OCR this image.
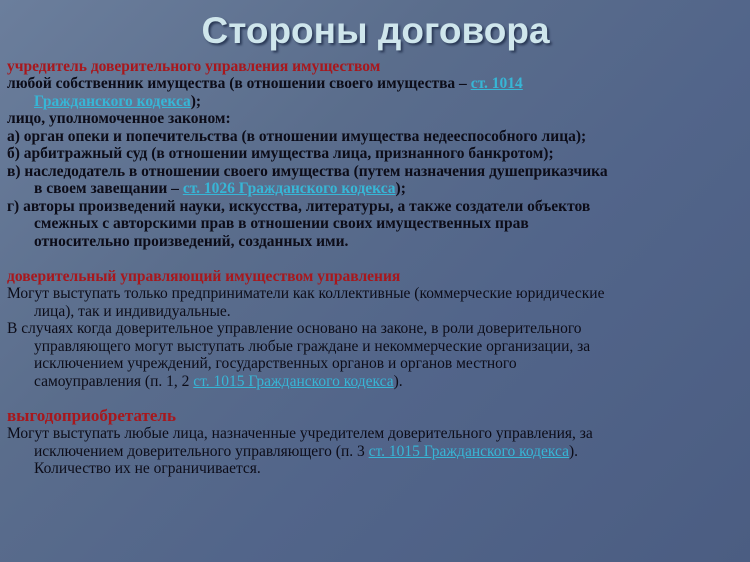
Стороны договора

учредитель доверительного управления имуществом

любой собственник имущества (в отношении своего имущества – ст. 1014

Гражданского кодекса);

лицо, уполномоченное законом:

а) орган опеки и попечительства (в отношении имущества недееспособного лица);

б) арбитражный суд (в отношении имущества лица, признанного банкротом);

в) наследодатель в отношении своего имущества (путем назначения душеприказчика

в своем завещании – ст. 1026 Гражданского кодекса);

г) авторы произведений науки, искусства, литературы, а также создатели объектов

смежных с авторскими прав в отношении своих имущественных прав

относительно произведений, созданных ими.

доверительный управляющий имуществом управления

Могут выступать только предприниматели как коллективные (коммерческие юридические

лица), так и индивидуальные.

В случаях когда доверительное управление основано на законе, в роли доверительного

управляющего могут выступать любые граждане и некоммерческие организации, за

исключением учреждений, государственных органов и органов местного

самоуправления (п. 1, 2 ст. 1015 Гражданского кодекса).

выгодоприобретатель

Могут выступать любые лица, назначенные учредителем доверительного управления, за

исключением доверительного управляющего (п. 3 ст. 1015 Гражданского кодекса).

Количество их не ограничивается.
